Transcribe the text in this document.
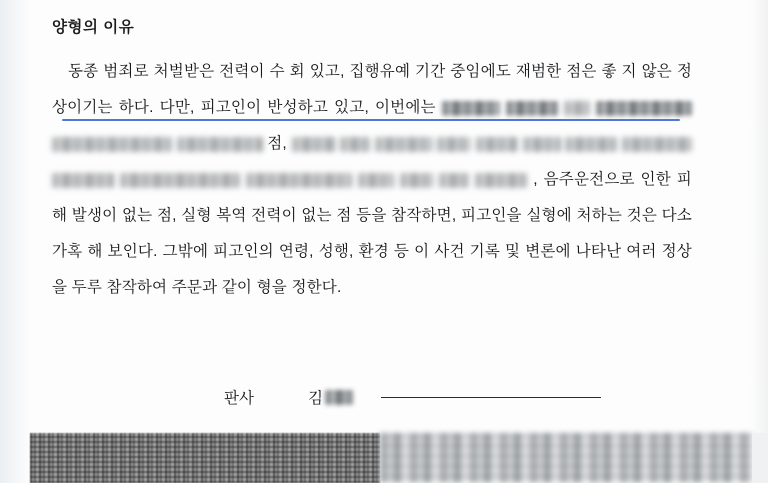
양형의 이유

동종 범죄로 처벌받은 전력이 수 회 있고, 집행유예 기간 중임에도 재범한 점은 좋 지 않은 정상이기는 하다. 다만, 피고인이 반성하고 있고, 이번에는       점,                , 음주운전으로 인한 피해 발생이 없는 점, 실형 복역 전력이 없는 점 등을 참작하면, 피고인을 실형에 처하는 것은 다소 가혹 해 보인다. 그밖에 피고인의 연령, 성행, 환경 등 이 사건 기록 및 변론에 나타난 여러 정상을 두루 참작하여 주문과 같이 형을 정한다.

판사	김
